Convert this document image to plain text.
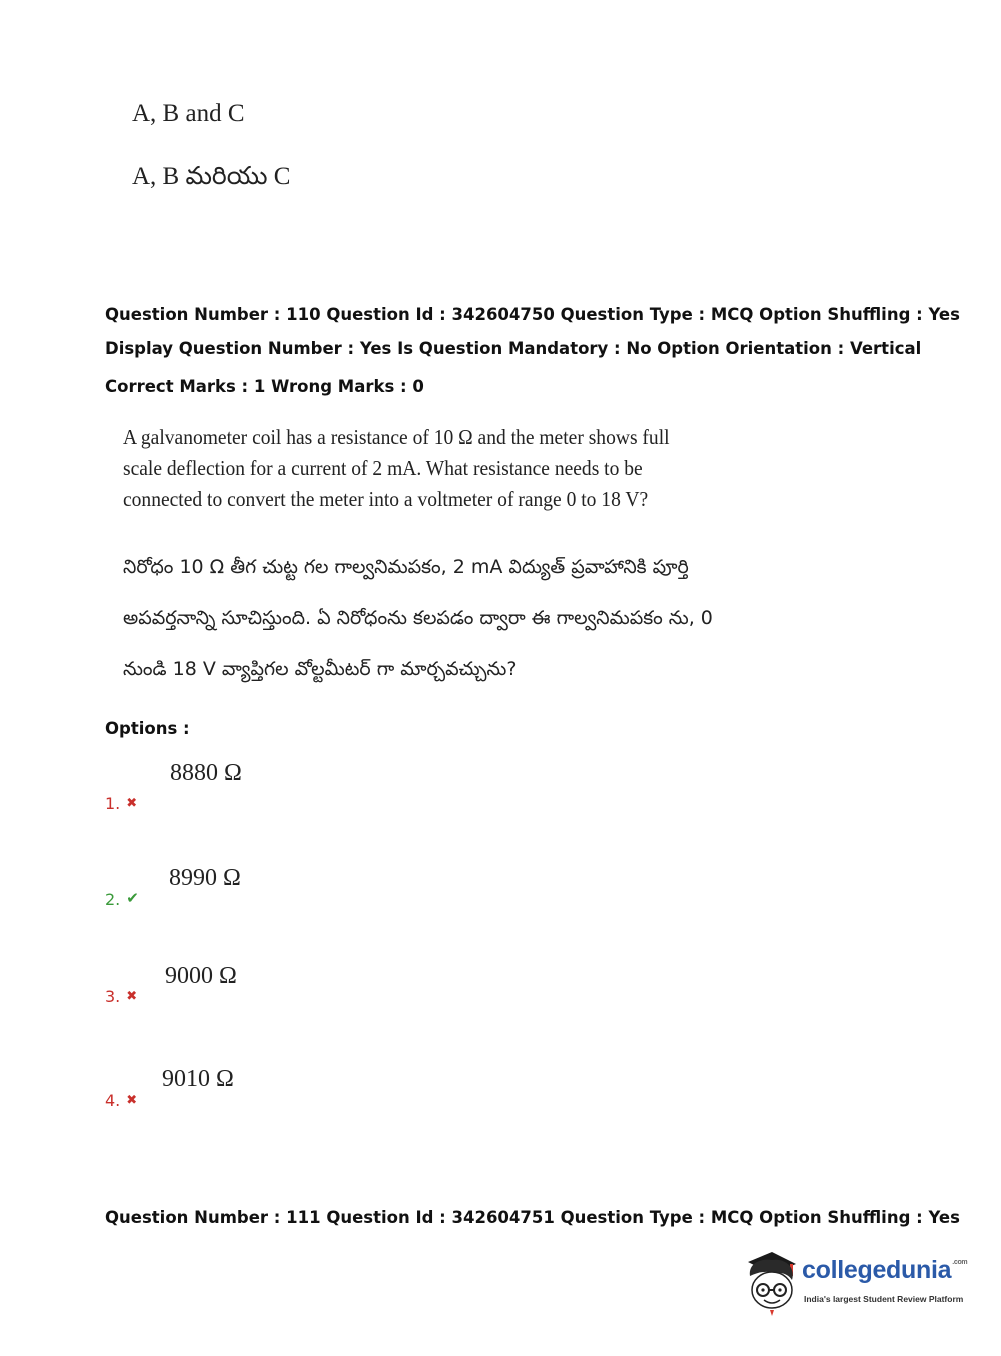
A, B and C
A, B మరియు C
Question Number : 110 Question Id : 342604750 Question Type : MCQ Option Shuffling : Yes
Display Question Number : Yes Is Question Mandatory : No Option Orientation : Vertical
Correct Marks : 1 Wrong Marks : 0
A galvanometer coil has a resistance of 10 Ω and the meter shows full scale deflection for a current of 2 mA. What resistance needs to be connected to convert the meter into a voltmeter of range 0 to 18 V?
నిరోధం 10 Ω తీగ చుట్ట గల గాల్వనిమపకం, 2 mA విద్యుత్ ప్రవాహానికి పూర్తి అపవర్తనాన్ని సూచిస్తుంది. ఏ నిరోధంను కలపడం ద్వారా ఈ గాల్వనిమపకం ను, 0 నుండి 18 V వ్యాప్తిగల వోల్టమీటర్ గా మార్చవచ్చును?
Options :
8880 Ω
1. ✖
8990 Ω
2. ✔
9000 Ω
3. ✖
9010 Ω
4. ✖
Question Number : 111 Question Id : 342604751 Question Type : MCQ Option Shuffling : Yes
collegedunia$^{.com}$
India's largest Student Review Platform
